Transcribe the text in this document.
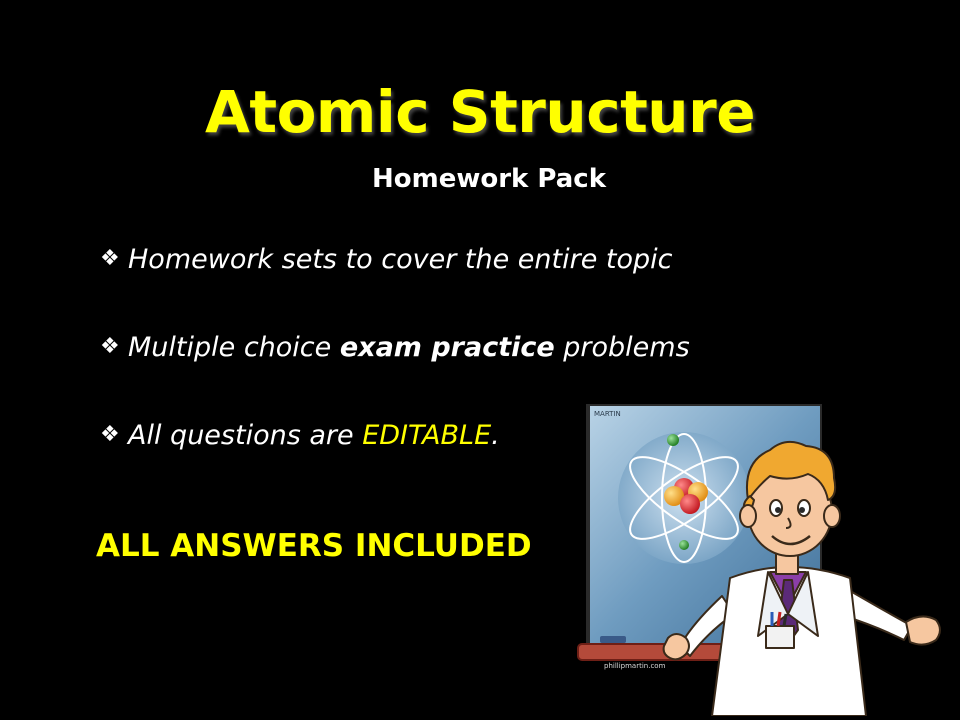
Atomic Structure
Homework Pack
❖ Homework sets to cover the entire topic
❖ Multiple choice exam practice problems
❖ All questions are EDITABLE.
ALL ANSWERS INCLUDED
MARTIN
phillipmartin.com
